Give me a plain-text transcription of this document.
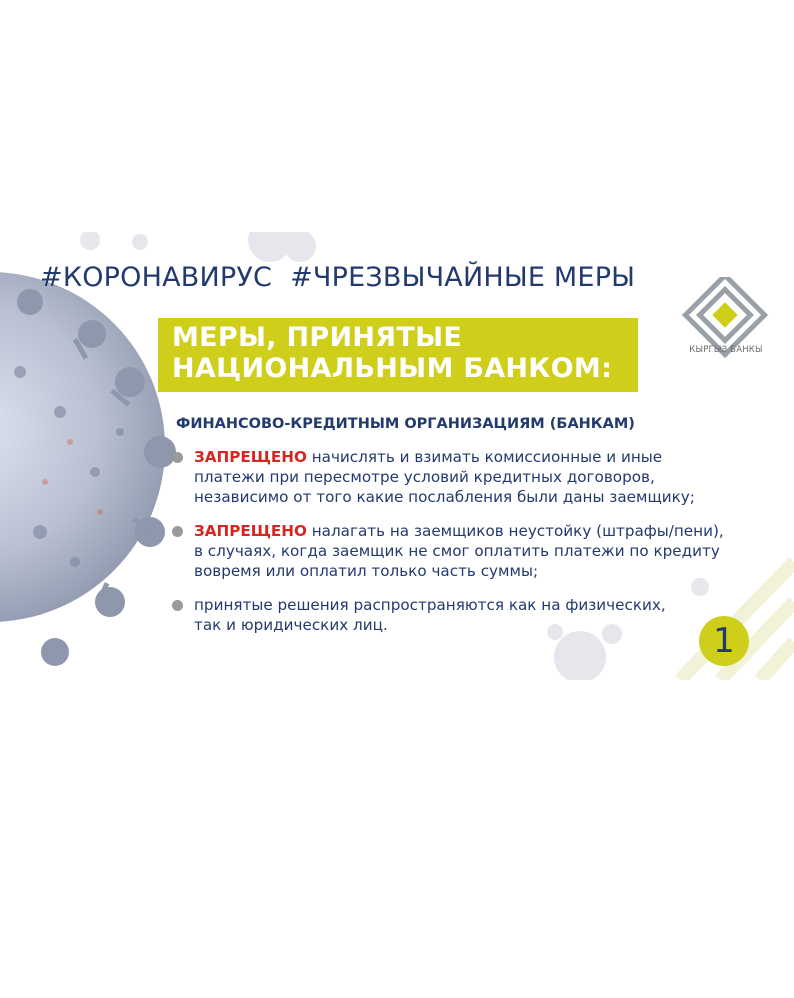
#КОРОНАВИРУС #ЧРЕЗВЫЧАЙНЫЕ МЕРЫ
МЕРЫ, ПРИНЯТЫЕ
НАЦИОНАЛЬНЫМ БАНКОМ:

ФИНАНСОВО-КРЕДИТНЫМ ОРГАНИЗАЦИЯМ (БАНКАМ)

ЗАПРЕЩЕНО начислять и взимать комиссионные и иные
платежи при пересмотре условий кредитных договоров,
независимо от того какие послабления были даны заемщику;
ЗАПРЕЩЕНО налагать на заемщиков неустойку (штрафы/пени),
в случаях, когда заемщик не смог оплатить платежи по кредиту
вовремя или оплатил только часть суммы;
принятые решения распространяются как на физических,
так и юридических лиц.
КЫРГЫЗ БАНКЫ
1
